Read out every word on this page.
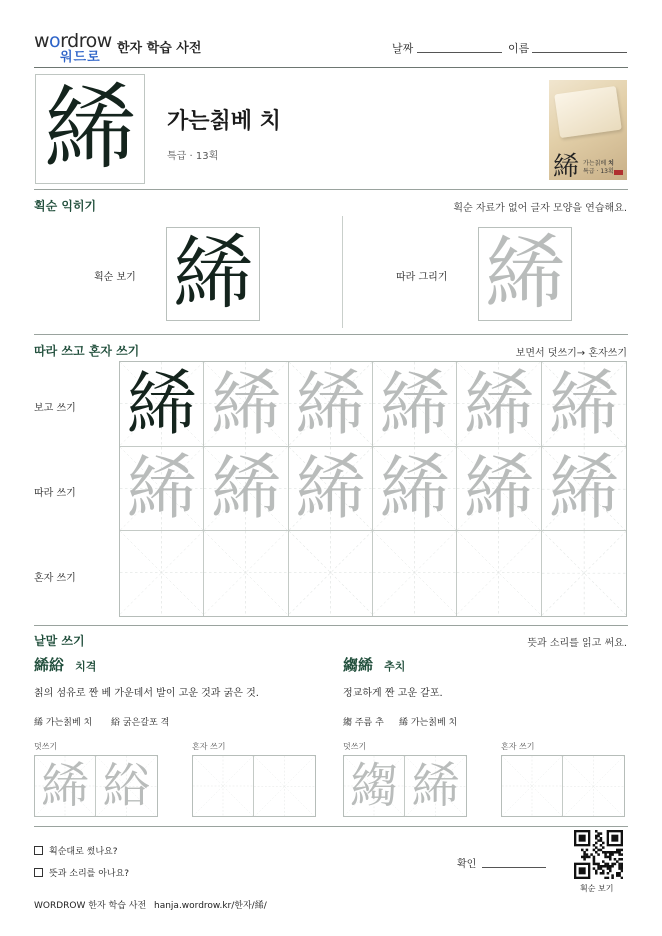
wordrow
워드로
한자 학습 사전	날짜	이름
絺 가는칡베 치
특급 · 13획	絺 가는칡베 치
특급 · 13획
획순 익히기	획순 자료가 없어 글자 모양을 연습해요.
획순 보기 絺	따라 그리기 絺
따라 쓰고 혼자 쓰기	보면서 덧쓰기→ 혼자쓰기
보고 쓰기
따라 쓰기
혼자 쓰기
絺 絺 絺 絺 絺 絺
絺 絺 絺 絺 絺 絺
낱말 쓰기	뜻과 소리를 읽고 써요.
絺綌 치격
칡의 섬유로 짠 베 가운데서 발이 고운 것과 굵은 것.
絺 가는칡베 치 綌 굵은갈포 격
덧쓰기	혼자 쓰기
絺 綌
縐絺 추치
정교하게 짠 고운 갈포.
縐 주름 추 絺 가는칡베 치
덧쓰기	혼자 쓰기
縐 絺
획순대로 썼나요?
뜻과 소리를 아나요?
확인
획순 보기
WORDROW 한자 학습 사전 hanja.wordrow.kr/한자/絺/
